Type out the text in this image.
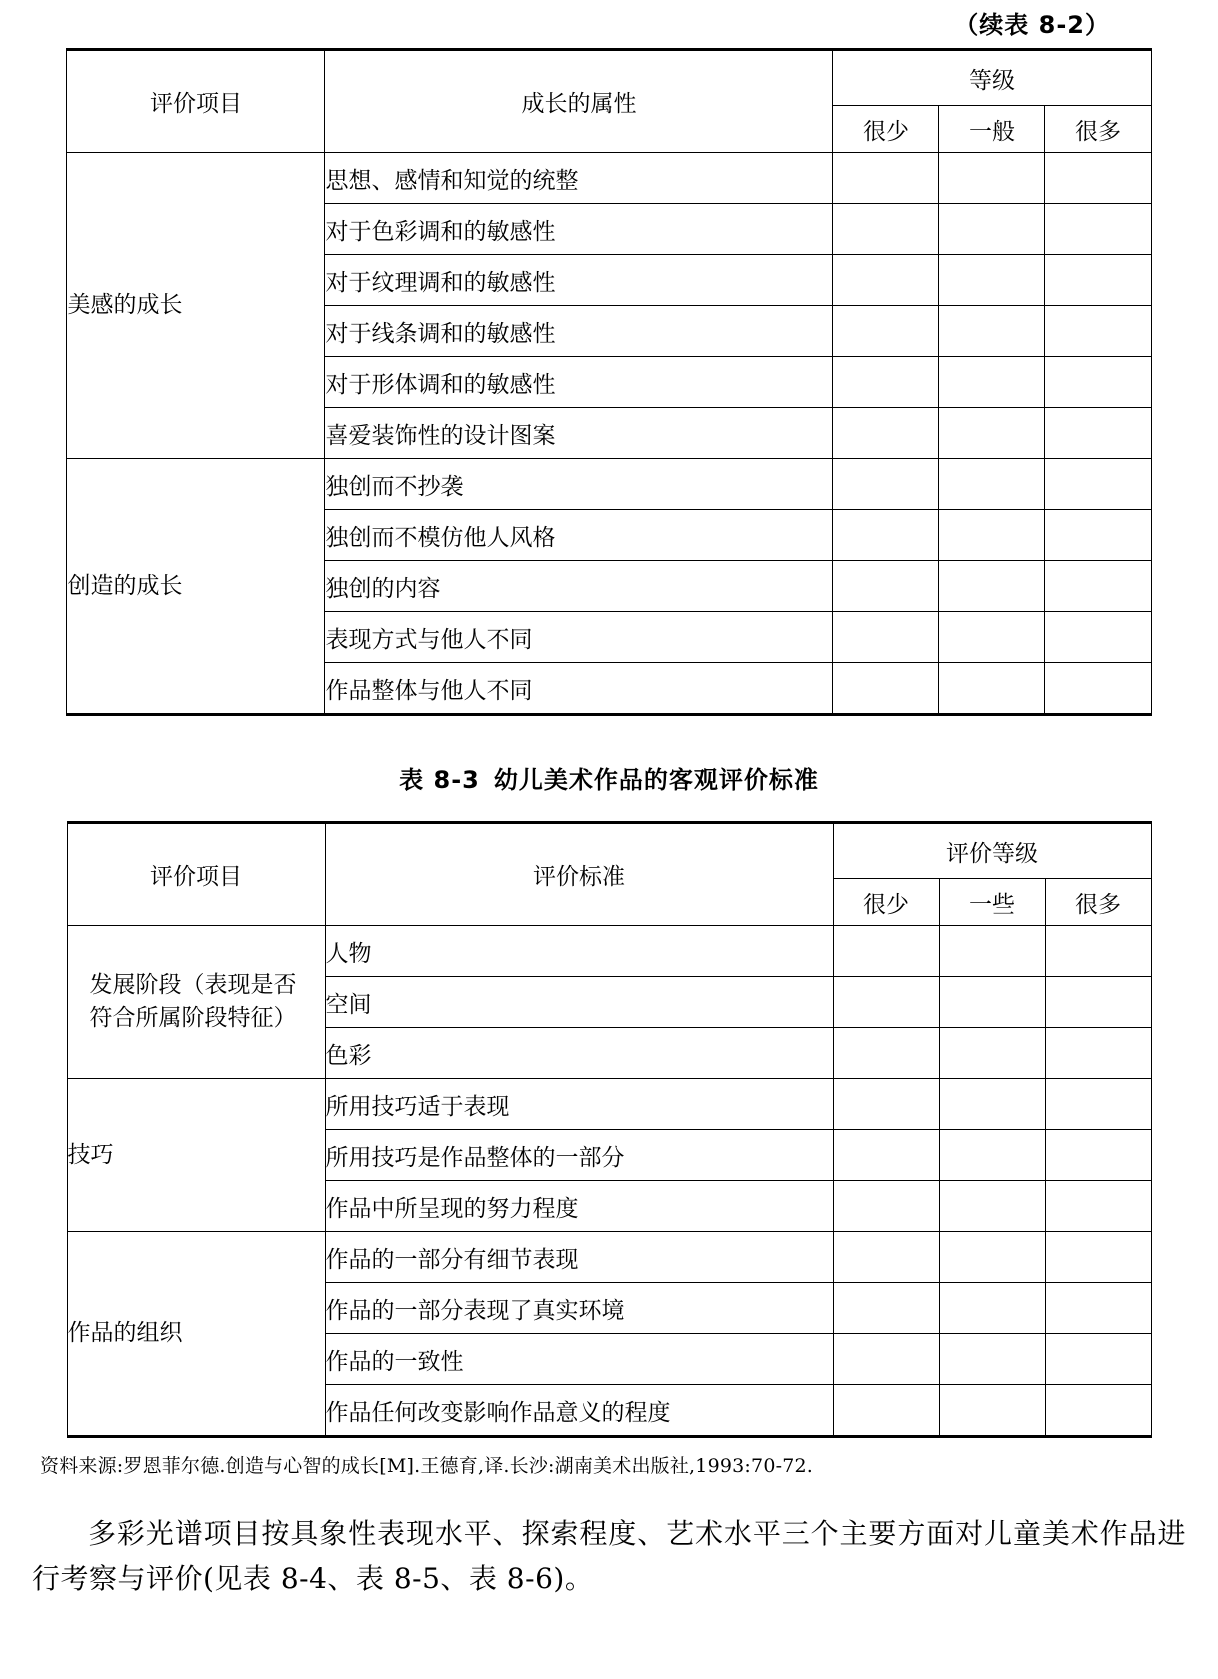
（续表 8-2）
评价项目	成长的属性	等级		
		很少	一般	很多
美感的成长	思想、感情和知觉的统整			
	对于色彩调和的敏感性			
	对于纹理调和的敏感性			
	对于线条调和的敏感性			
	对于形体调和的敏感性			
	喜爱装饰性的设计图案			
创造的成长	独创而不抄袭			
	独创而不模仿他人风格			
	独创的内容			
	表现方式与他人不同			
	作品整体与他人不同			
表 8-3 幼儿美术作品的客观评价标准
评价项目	评价标准	评价等级		
		很少	一些	很多
发展阶段（表现是否
符合所属阶段特征）	人物			
	空间			
	色彩			
技巧	所用技巧适于表现			
	所用技巧是作品整体的一部分			
	作品中所呈现的努力程度			
作品的组织	作品的一部分有细节表现			
	作品的一部分表现了真实环境			
	作品的一致性			
	作品任何改变影响作品意义的程度			
资料来源:罗恩菲尔德.创造与心智的成长[M].王德育,译.长沙:湖南美术出版社,1993:70-72.

多彩光谱项目按具象性表现水平、探索程度、艺术水平三个主要方面对儿童美术作品进行考察与评价(见表 8-4、表 8-5、表 8-6)。
